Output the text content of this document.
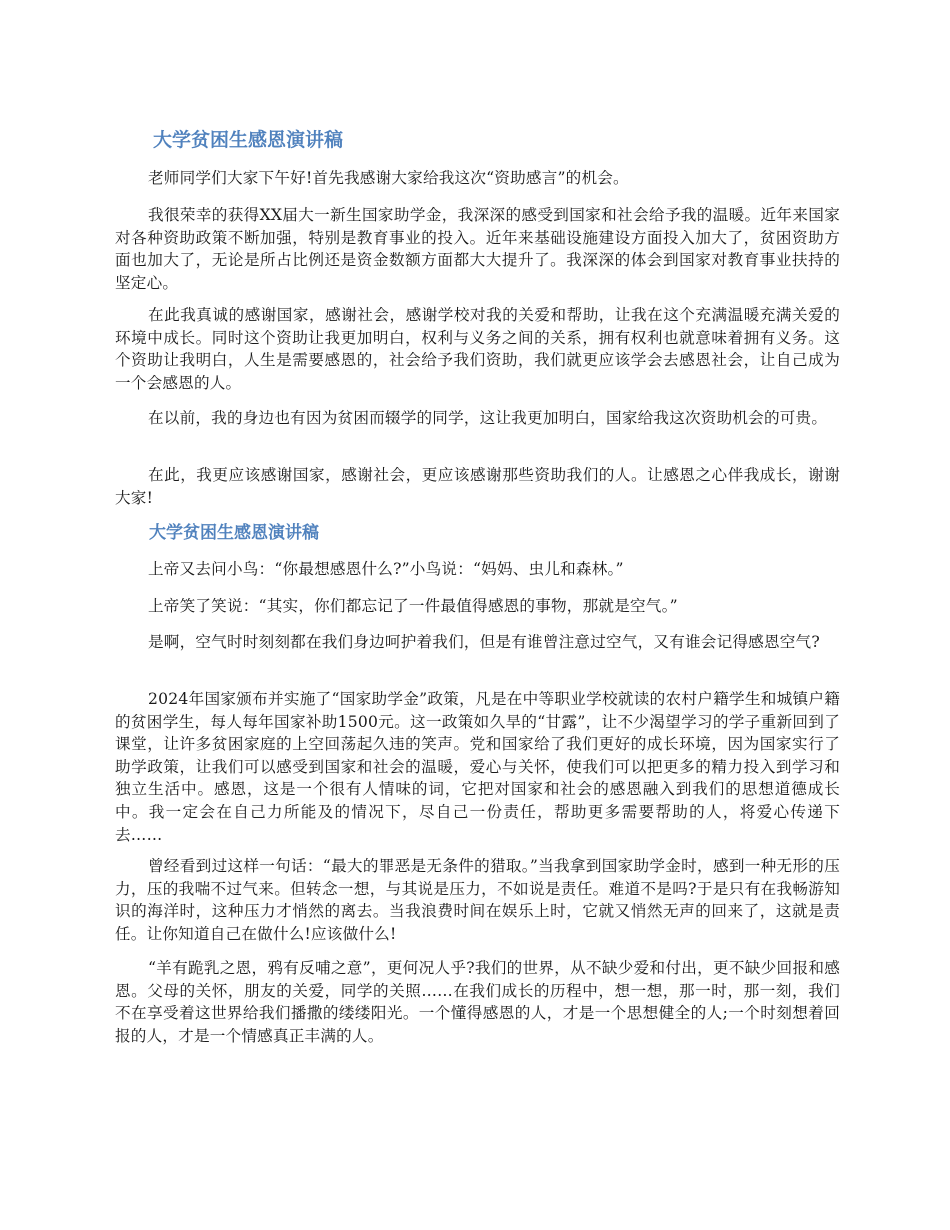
大学贫困生感恩演讲稿

老师同学们大家下午好!首先我感谢大家给我这次“资助感言”的机会。

我很荣幸的获得XX届大一新生国家助学金，我深深的感受到国家和社会给予我的温暖。近年来国家对各种资助政策不断加强，特别是教育事业的投入。近年来基础设施建设方面投入加大了，贫困资助方面也加大了，无论是所占比例还是资金数额方面都大大提升了。我深深的体会到国家对教育事业扶持的坚定心。

在此我真诚的感谢国家，感谢社会，感谢学校对我的关爱和帮助，让我在这个充满温暖充满关爱的环境中成长。同时这个资助让我更加明白，权利与义务之间的关系，拥有权利也就意味着拥有义务。这个资助让我明白，人生是需要感恩的，社会给予我们资助，我们就更应该学会去感恩社会，让自己成为一个会感恩的人。

在以前，我的身边也有因为贫困而辍学的同学，这让我更加明白，国家给我这次资助机会的可贵。

在此，我更应该感谢国家，感谢社会，更应该感谢那些资助我们的人。让感恩之心伴我成长，谢谢大家!

大学贫困生感恩演讲稿

上帝又去问小鸟：“你最想感恩什么?”小鸟说：“妈妈、虫儿和森林。”

上帝笑了笑说：“其实，你们都忘记了一件最值得感恩的事物，那就是空气。”

是啊，空气时时刻刻都在我们身边呵护着我们，但是有谁曾注意过空气，又有谁会记得感恩空气?

2024年国家颁布并实施了“国家助学金”政策，凡是在中等职业学校就读的农村户籍学生和城镇户籍的贫困学生，每人每年国家补助1500元。这一政策如久旱的“甘露”，让不少渴望学习的学子重新回到了课堂，让许多贫困家庭的上空回荡起久违的笑声。党和国家给了我们更好的成长环境，因为国家实行了助学政策，让我们可以感受到国家和社会的温暖，爱心与关怀，使我们可以把更多的精力投入到学习和独立生活中。感恩，这是一个很有人情味的词，它把对国家和社会的感恩融入到我们的思想道德成长中。我一定会在自己力所能及的情况下，尽自己一份责任，帮助更多需要帮助的人，将爱心传递下去……

曾经看到过这样一句话：“最大的罪恶是无条件的猎取。”当我拿到国家助学金时，感到一种无形的压力，压的我喘不过气来。但转念一想，与其说是压力，不如说是责任。难道不是吗?于是只有在我畅游知识的海洋时，这种压力才悄然的离去。当我浪费时间在娱乐上时，它就又悄然无声的回来了，这就是责任。让你知道自己在做什么!应该做什么!

“羊有跪乳之恩，鸦有反哺之意”，更何况人乎?我们的世界，从不缺少爱和付出，更不缺少回报和感恩。父母的关怀，朋友的关爱，同学的关照……在我们成长的历程中，想一想，那一时，那一刻，我们不在享受着这世界给我们播撒的缕缕阳光。一个懂得感恩的人，才是一个思想健全的人;一个时刻想着回报的人，才是一个情感真正丰满的人。
